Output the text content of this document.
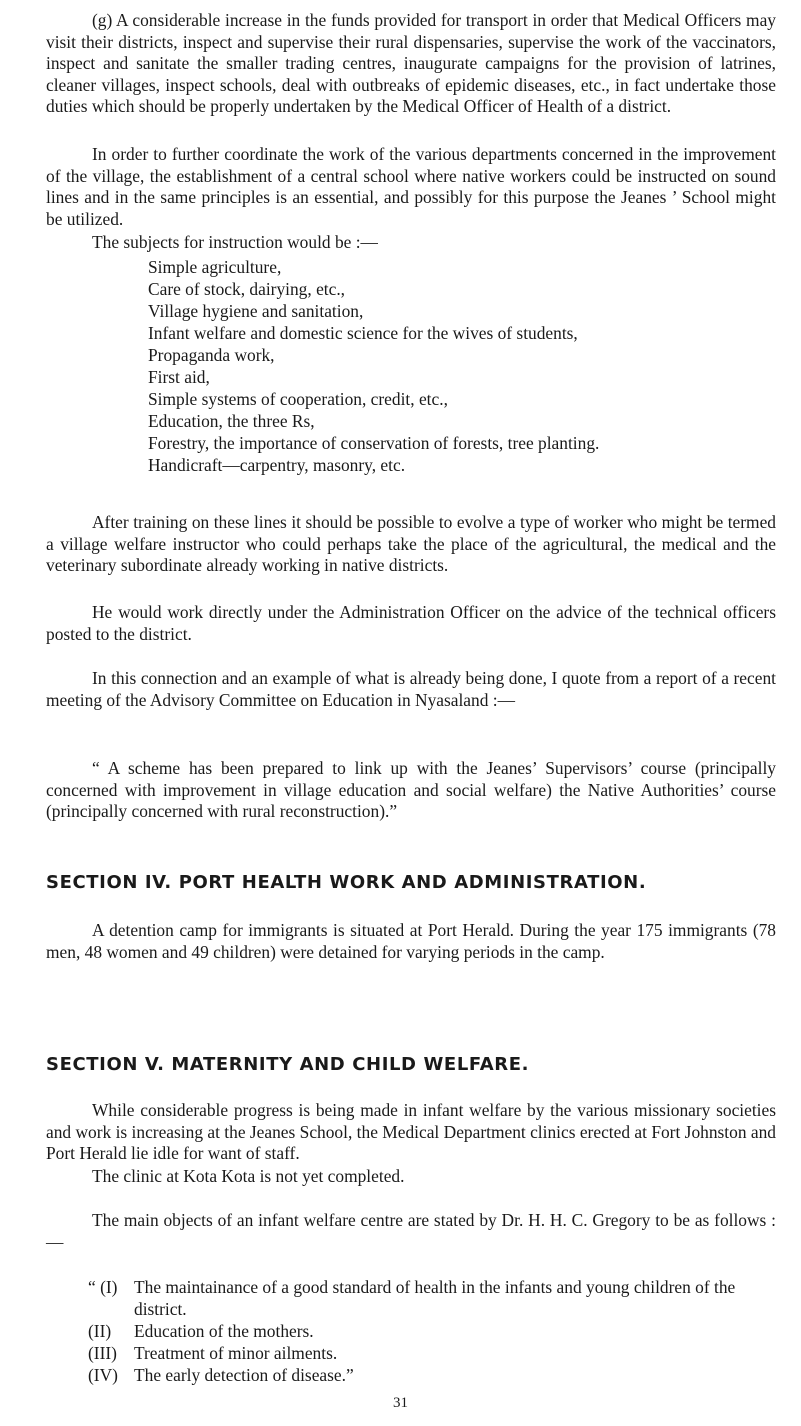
(g) A considerable increase in the funds provided for transport in order that Medical Officers may visit their districts, inspect and supervise their rural dispensaries, supervise the work of the vaccinators, inspect and sanitate the smaller trading centres, inaugurate campaigns for the provision of latrines, cleaner villages, inspect schools, deal with outbreaks of epidemic diseases, etc., in fact undertake those duties which should be properly undertaken by the Medical Officer of Health of a district.

In order to further coordinate the work of the various departments concerned in the improvement of the village, the establishment of a central school where native workers could be instructed on sound lines and in the same principles is an essential, and possibly for this purpose the Jeanes ’ School might be utilized.

The subjects for instruction would be :—

Simple agriculture,
Care of stock, dairying, etc.,
Village hygiene and sanitation,
Infant welfare and domestic science for the wives of students,
Propaganda work,
First aid,
Simple systems of cooperation, credit, etc.,
Education, the three Rs,
Forestry, the importance of conservation of forests, tree planting.
Handicraft—carpentry, masonry, etc.

After training on these lines it should be possible to evolve a type of worker who might be termed a village welfare instructor who could perhaps take the place of the agricultural, the medical and the veterinary subordinate already working in native districts.

He would work directly under the Administration Officer on the advice of the technical officers posted to the district.

In this connection and an example of what is already being done, I quote from a report of a recent meeting of the Advisory Committee on Education in Nyasaland :—

“ A scheme has been prepared to link up with the Jeanes’ Supervisors’ course (principally concerned with improvement in village education and social welfare) the Native Authorities’ course (principally concerned with rural reconstruction).”

SECTION IV. PORT HEALTH WORK AND ADMINISTRATION.

A detention camp for immigrants is situated at Port Herald. During the year 175 immigrants (78 men, 48 women and 49 children) were detained for varying periods in the camp.

SECTION V. MATERNITY AND CHILD WELFARE.

While considerable progress is being made in infant welfare by the various missionary societies and work is increasing at the Jeanes School, the Medical Department clinics erected at Fort Johnston and Port Herald lie idle for want of staff.

The clinic at Kota Kota is not yet completed.

The main objects of an infant welfare centre are stated by Dr. H. H. C. Gregory to be as follows :—

“ (I) The maintainance of a good standard of health in the infants and young children of the district.
(II)	Education of the mothers.
(III) Treatment of minor ailments.
(IV) The early detection of disease.”
31
